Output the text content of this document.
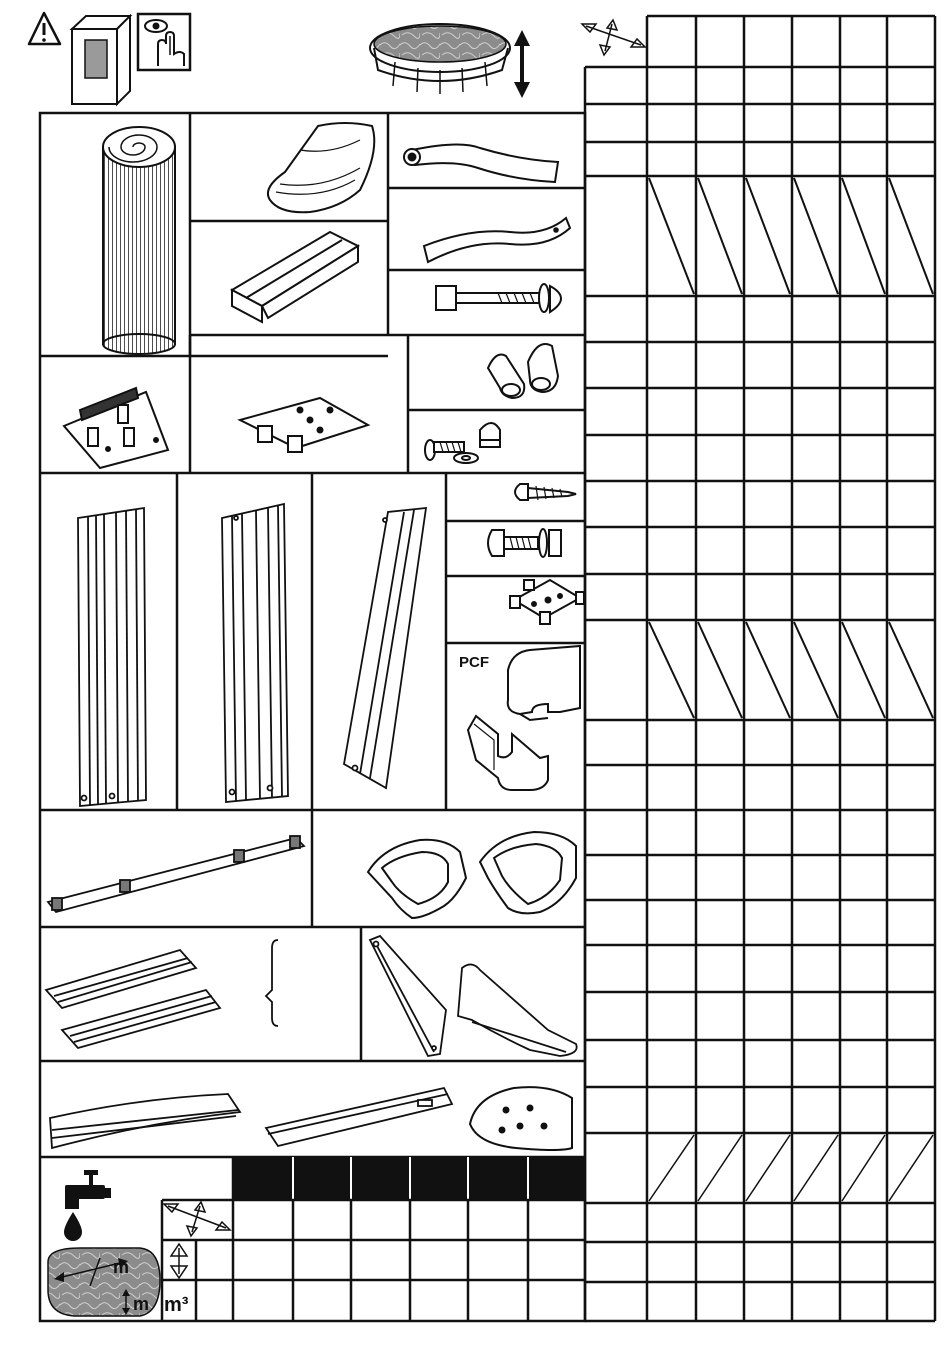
PCF
m³
m
m
